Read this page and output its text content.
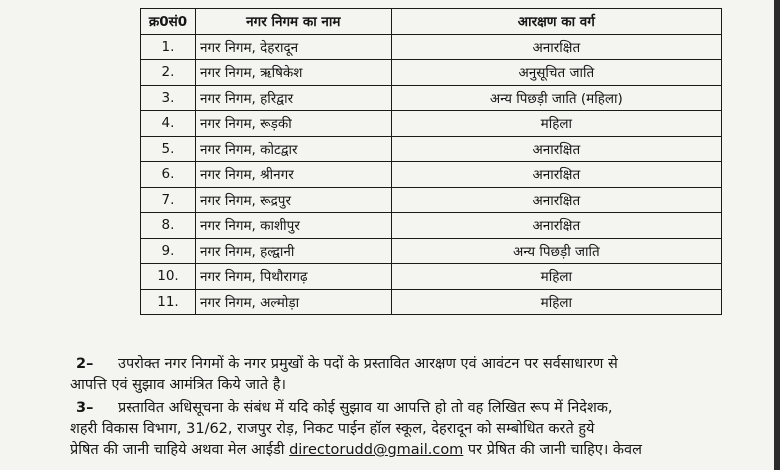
क्र0सं0	नगर निगम का नाम	आरक्षण का वर्ग
1.	नगर निगम, देहरादून	अनारक्षित
2.	नगर निगम, ऋषिकेश	अनुसूचित जाति
3.	नगर निगम, हरिद्वार	अन्य पिछड़ी जाति (महिला)
4.	नगर निगम, रूड़की	महिला
5.	नगर निगम, कोटद्वार	अनारक्षित
6.	नगर निगम, श्रीनगर	अनारक्षित
7.	नगर निगम, रूद्रपुर	अनारक्षित
8.	नगर निगम, काशीपुर	अनारक्षित
9.	नगर निगम, हल्द्वानी	अन्य पिछड़ी जाति
10.	नगर निगम, पिथौरागढ़	महिला
11.	नगर निगम, अल्मोड़ा	महिला
2– उपरोक्त नगर निगमों के नगर प्रमुखों के पदों के प्रस्तावित आरक्षण एवं आवंटन पर सर्वसाधारण से
आपत्ति एवं सुझाव आमंत्रित किये जाते है।
3– प्रस्तावित अधिसूचना के संबंध में यदि कोई सुझाव या आपत्ति हो तो वह लिखित रूप में निदेशक,
शहरी विकास विभाग, 31/62, राजपुर रोड़, निकट पाईन हॉल स्कूल, देहरादून को सम्बोधित करते हुये
प्रेषित की जानी चाहिये अथवा मेल आईडी directorudd@gmail.com पर प्रेषित की जानी चाहिए। केवल
